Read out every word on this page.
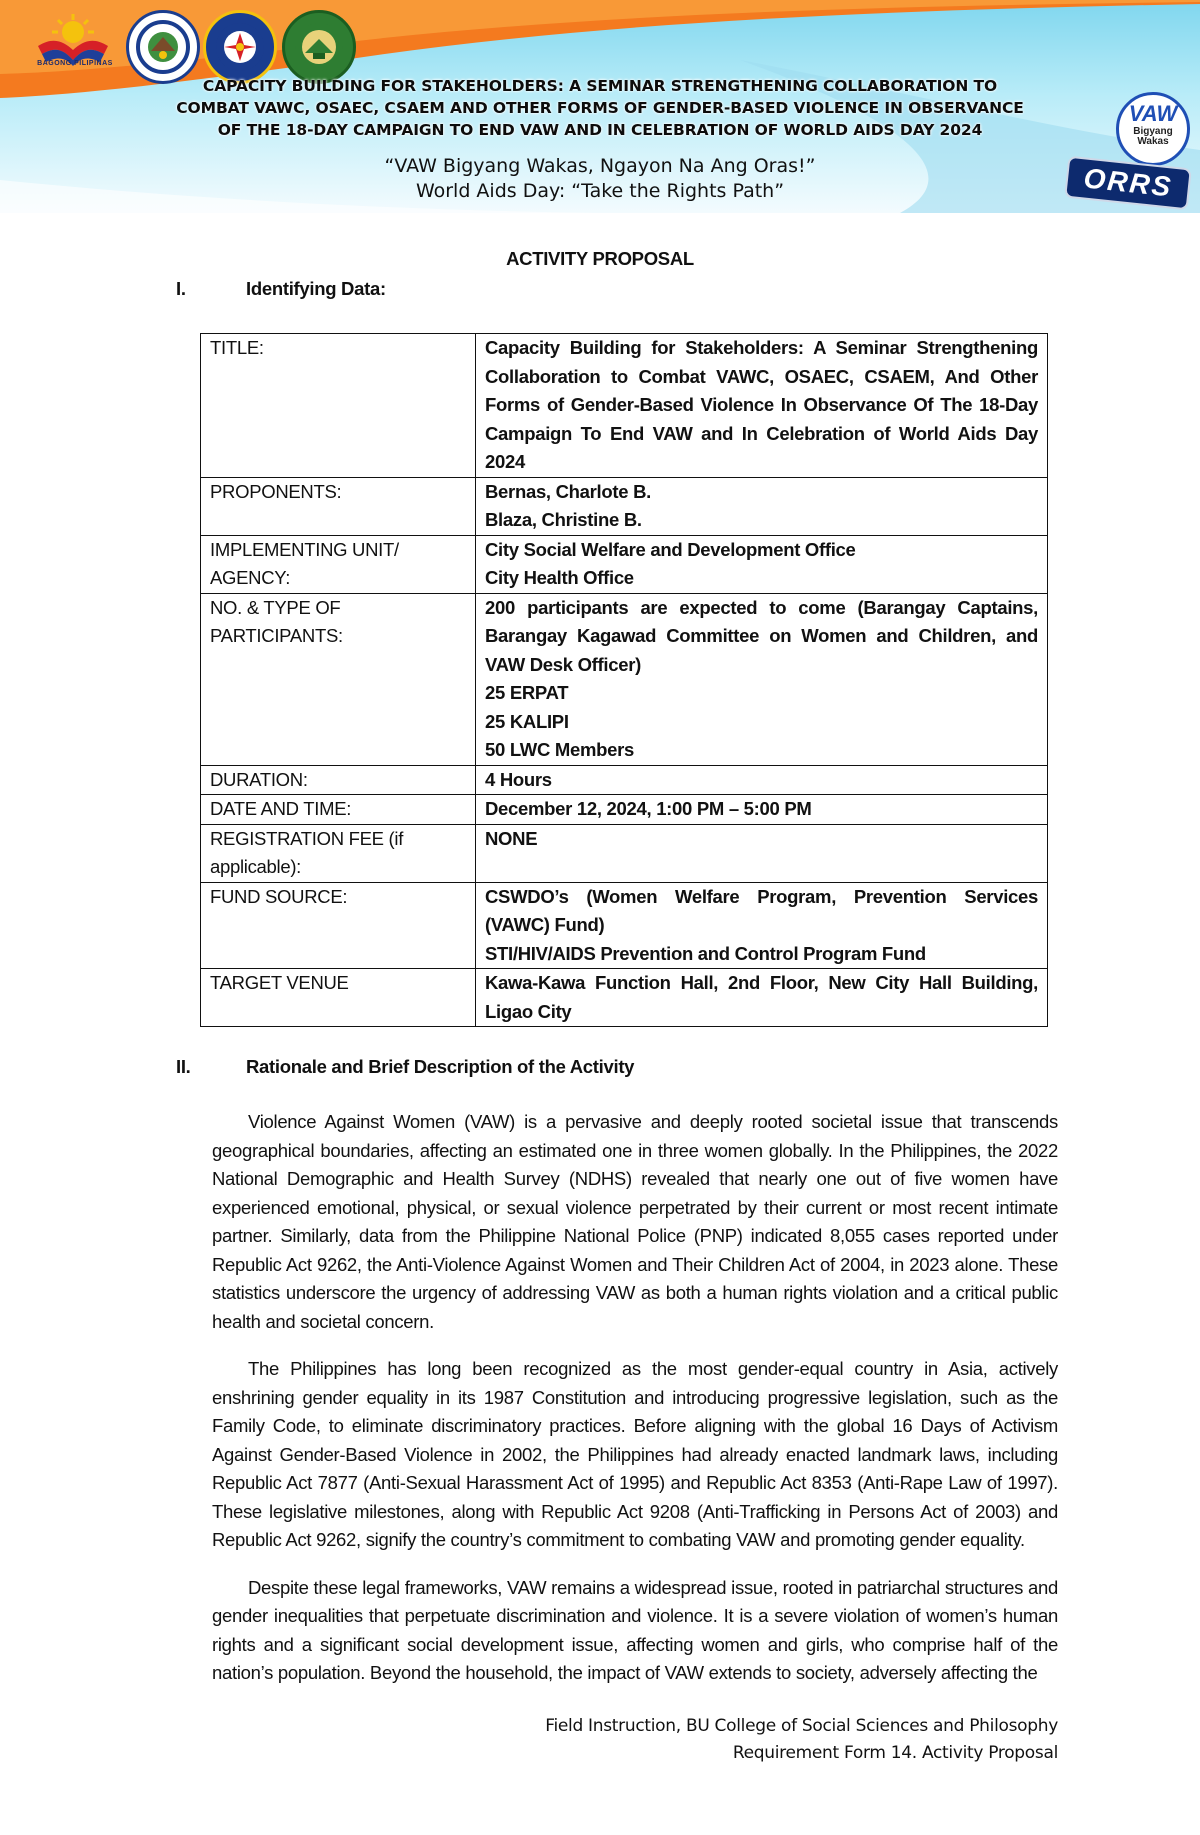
BAGONG PILIPINAS
CAPACITY BUILDING FOR STAKEHOLDERS: A SEMINAR STRENGTHENING COLLABORATION TO
COMBAT VAWC, OSAEC, CSAEM AND OTHER FORMS OF GENDER-BASED VIOLENCE IN OBSERVANCE
OF THE 18-DAY CAMPAIGN TO END VAW AND IN CELEBRATION OF WORLD AIDS DAY 2024
“VAW Bigyang Wakas, Ngayon Na Ang Oras!”
World Aids Day: “Take the Rights Path”
VAW
Bigyang Wakas
ORRS
ACTIVITY PROPOSAL
I.	Identifying Data:
TITLE:	Capacity Building for Stakeholders: A Seminar Strengthening Collaboration to Combat VAWC, OSAEC, CSAEM, And Other Forms of Gender-Based Violence In Observance Of The 18-Day Campaign To End VAW and In Celebration of World Aids Day 2024

PROPONENTS:	Bernas, Charlote B.
Blaza, Christine B.

IMPLEMENTING UNIT/ AGENCY:	City Social Welfare and Development Office
City Health Office

NO. & TYPE OF PARTICIPANTS:	200 participants are expected to come (Barangay Captains, Barangay Kagawad Committee on Women and Children, and VAW Desk Officer)
25 ERPAT
25 KALIPI
50 LWC Members

DURATION:	4 Hours

DATE AND TIME:	December 12, 2024, 1:00 PM – 5:00 PM

REGISTRATION FEE (if applicable):	NONE

FUND SOURCE:	CSWDO’s (Women Welfare Program, Prevention Services (VAWC) Fund)
STI/HIV/AIDS Prevention and Control Program Fund

TARGET VENUE	Kawa-Kawa Function Hall, 2nd Floor, New City Hall Building, Ligao City
II.	Rationale and Brief Description of the Activity

Violence Against Women (VAW) is a pervasive and deeply rooted societal issue that transcends geographical boundaries, affecting an estimated one in three women globally. In the Philippines, the 2022 National Demographic and Health Survey (NDHS) revealed that nearly one out of five women have experienced emotional, physical, or sexual violence perpetrated by their current or most recent intimate partner. Similarly, data from the Philippine National Police (PNP) indicated 8,055 cases reported under Republic Act 9262, the Anti-Violence Against Women and Their Children Act of 2004, in 2023 alone. These statistics underscore the urgency of addressing VAW as both a human rights violation and a critical public health and societal concern.

The Philippines has long been recognized as the most gender-equal country in Asia, actively enshrining gender equality in its 1987 Constitution and introducing progressive legislation, such as the Family Code, to eliminate discriminatory practices. Before aligning with the global 16 Days of Activism Against Gender-Based Violence in 2002, the Philippines had already enacted landmark laws, including Republic Act 7877 (Anti-Sexual Harassment Act of 1995) and Republic Act 8353 (Anti-Rape Law of 1997). These legislative milestones, along with Republic Act 9208 (Anti-Trafficking in Persons Act of 2003) and Republic Act 9262, signify the country’s commitment to combating VAW and promoting gender equality.

Despite these legal frameworks, VAW remains a widespread issue, rooted in patriarchal structures and gender inequalities that perpetuate discrimination and violence. It is a severe violation of women’s human rights and a significant social development issue, affecting women and girls, who comprise half of the nation’s population. Beyond the household, the impact of VAW extends to society, adversely affecting the

Field Instruction, BU College of Social Sciences and Philosophy
Requirement Form 14. Activity Proposal
